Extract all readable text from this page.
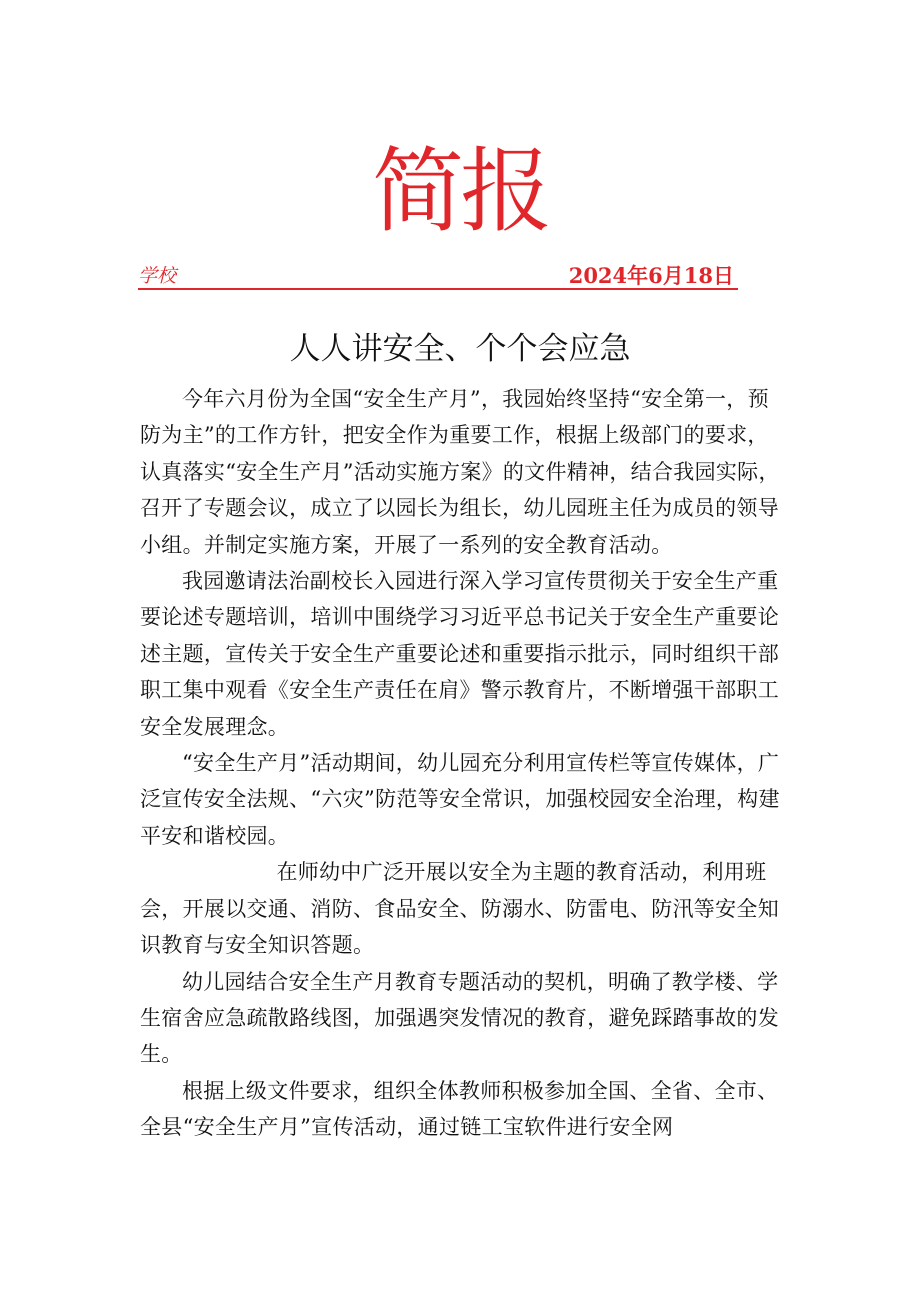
简报
学校	2024年6月18日
人人讲安全、个个会应急

今年六月份为全国“安全生产月”，我园始终坚持“安全第一，预防为主”的工作方针，把安全作为重要工作，根据上级部门的要求，认真落实“安全生产月”活动实施方案》的文件精神，结合我园实际，召开了专题会议，成立了以园长为组长，幼儿园班主任为成员的领导小组。并制定实施方案，开展了一系列的安全教育活动。

我园邀请法治副校长入园进行深入学习宣传贯彻关于安全生产重要论述专题培训，培训中围绕学习习近平总书记关于安全生产重要论述主题，宣传关于安全生产重要论述和重要指示批示，同时组织干部职工集中观看《安全生产责任在肩》警示教育片，不断增强干部职工安全发展理念。

“安全生产月”活动期间，幼儿园充分利用宣传栏等宣传媒体，广泛宣传安全法规、“六灾”防范等安全常识，加强校园安全治理，构建平安和谐校园。

在师幼中广泛开展以安全为主题的教育活动，利用班会，开展以交通、消防、食品安全、防溺水、防雷电、防汛等安全知识教育与安全知识答题。

幼儿园结合安全生产月教育专题活动的契机，明确了教学楼、学生宿舍应急疏散路线图，加强遇突发情况的教育，避免踩踏事故的发生。

根据上级文件要求，组织全体教师积极参加全国、全省、全市、全县“安全生产月”宣传活动，通过链工宝软件进行安全网
